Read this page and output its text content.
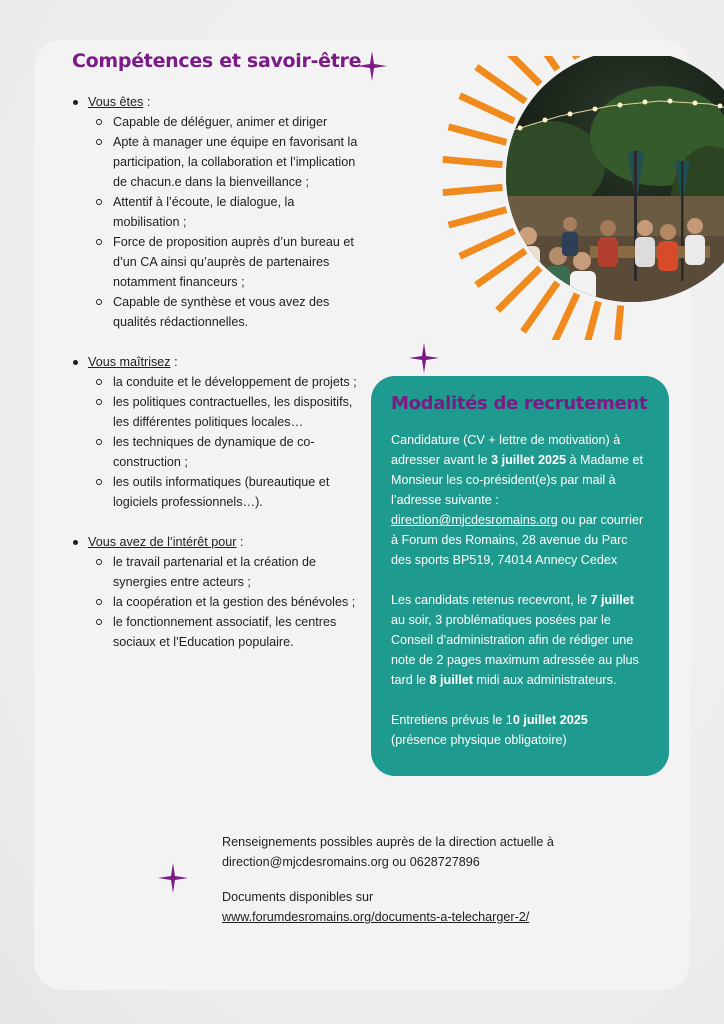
Compétences et savoir-être
Vous êtes :
Capable de déléguer, animer et diriger
Apte à manager une équipe en favorisant la participation, la collaboration et l’implication de chacun.e dans la bienveillance ;
Attentif à l’écoute, le dialogue, la mobilisation ;
Force de proposition auprès d’un bureau et d’un CA ainsi qu’auprès de partenaires notamment financeurs ;
Capable de synthèse et vous avez des qualités rédactionnelles.
Vous maîtrisez :
la conduite et le développement de projets ;
les politiques contractuelles, les dispositifs, les différentes politiques locales…
les techniques de dynamique de co-construction ;
les outils informatiques (bureautique et logiciels professionnels…).
Vous avez de l’intérêt pour :
le travail partenarial et la création de synergies entre acteurs ;
la coopération et la gestion des bénévoles ;
le fonctionnement associatif, les centres sociaux et l’Education populaire.
Modalités de recrutement

Candidature (CV + lettre de motivation) à adresser avant le 3 juillet 2025 à Madame et Monsieur les co-président(e)s par mail à l’adresse suivante : direction@mjcdesromains.org ou par courrier à Forum des Romains, 28 avenue du Parc des sports BP519, 74014 Annecy Cedex

Les candidats retenus recevront, le 7 juillet au soir, 3 problématiques posées par le Conseil d’administration afin de rédiger une note de 2 pages maximum adressée au plus tard le 8 juillet midi aux administrateurs.

Entretiens prévus le 10 juillet 2025
(présence physique obligatoire)

Renseignements possibles auprès de la direction actuelle à
direction@mjcdesromains.org ou 0628727896

Documents disponibles sur
www.forumdesromains.org/documents-a-telecharger-2/
